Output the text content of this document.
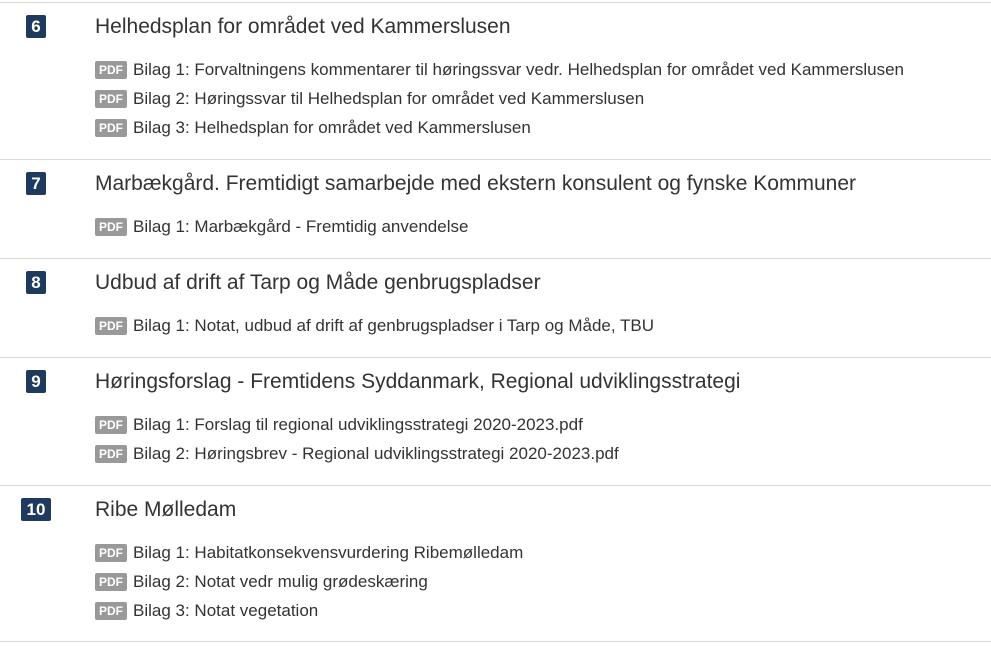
6	Helhedsplan for området ved Kammerslusen
PDF Bilag 1: Forvaltningens kommentarer til høringssvar vedr. Helhedsplan for området ved Kammerslusen
PDF Bilag 2: Høringssvar til Helhedsplan for området ved Kammerslusen
PDF Bilag 3: Helhedsplan for området ved Kammerslusen
7	Marbækgård. Fremtidigt samarbejde med ekstern konsulent og fynske Kommuner
PDF Bilag 1: Marbækgård - Fremtidig anvendelse
8	Udbud af drift af Tarp og Måde genbrugspladser
PDF Bilag 1: Notat, udbud af drift af genbrugspladser i Tarp og Måde, TBU
9	Høringsforslag - Fremtidens Syddanmark, Regional udviklingsstrategi
PDF Bilag 1: Forslag til regional udviklingsstrategi 2020-2023.pdf
PDF Bilag 2: Høringsbrev - Regional udviklingsstrategi 2020-2023.pdf
10 Ribe Mølledam
PDF Bilag 1: Habitatkonsekvensvurdering Ribemølledam
PDF Bilag 2: Notat vedr mulig grødeskæring
PDF Bilag 3: Notat vegetation
